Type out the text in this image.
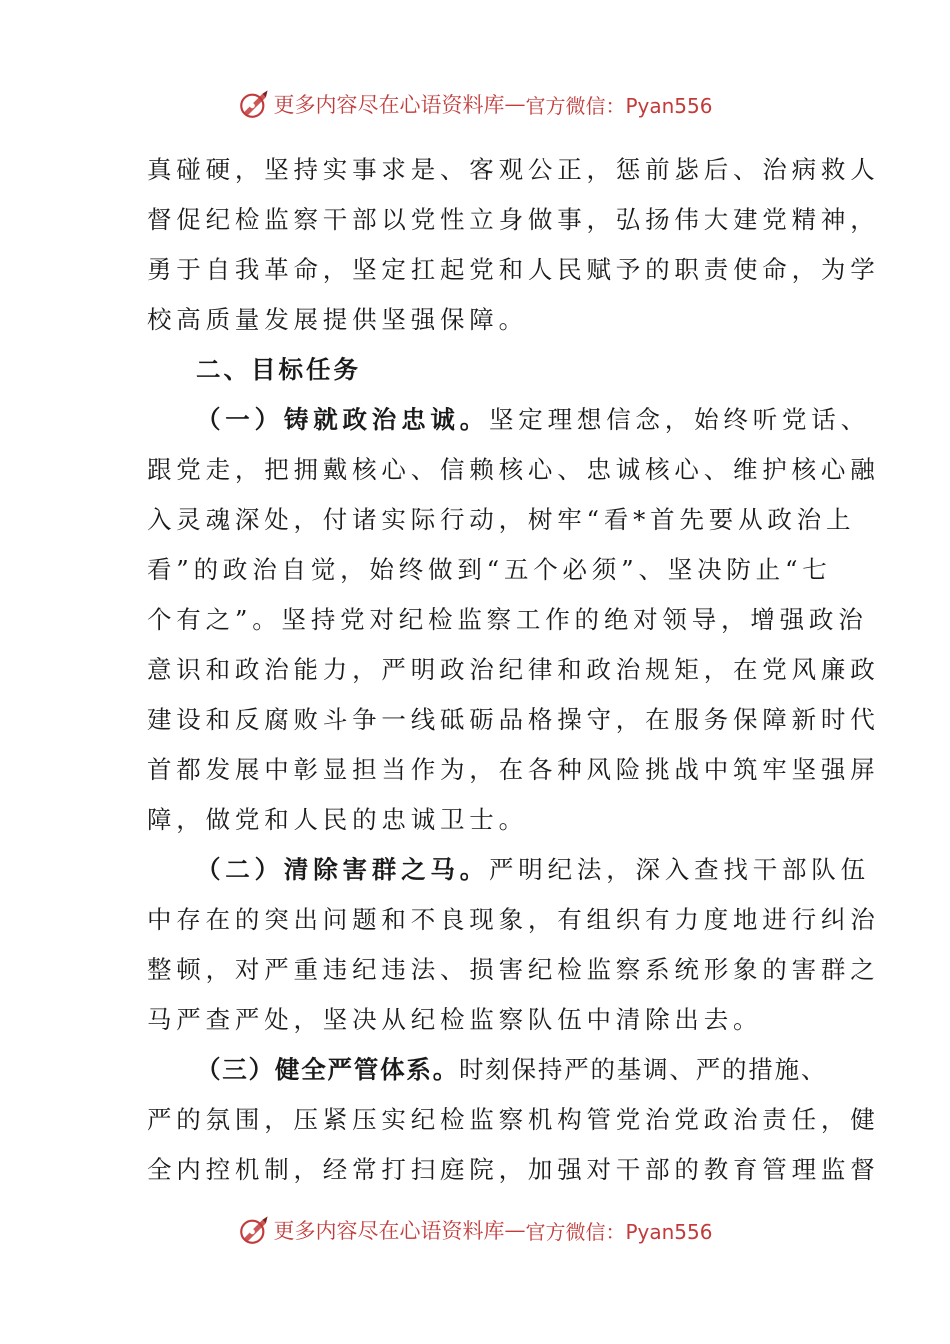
更多内容尽在心语资料库 — 官方微信：Pyan556
真碰硬，坚持实事求是、客观公正，惩前毖后、治病救人
督促纪检监察干部以党性立身做事，弘扬伟大建党精神，
勇于自我革命，坚定扛起党和人民赋予的职责使命，为学
校高质量发展提供坚强保障。
二、目标任务
（一）铸就政治忠诚。坚定理想信念，始终听党话、
跟党走，把拥戴核心、信赖核心、忠诚核心、维护核心融
入灵魂深处，付诸实际行动，树牢“看*首先要从政治上
看”的政治自觉，始终做到“五个必须”、坚决防止“七
个有之”。坚持党对纪检监察工作的绝对领导，增强政治
意识和政治能力，严明政治纪律和政治规矩，在党风廉政
建设和反腐败斗争一线砥砺品格操守，在服务保障新时代
首都发展中彰显担当作为，在各种风险挑战中筑牢坚强屏
障，做党和人民的忠诚卫士。
（二）清除害群之马。严明纪法，深入查找干部队伍
中存在的突出问题和不良现象，有组织有力度地进行纠治
整顿，对严重违纪违法、损害纪检监察系统形象的害群之
马严查严处，坚决从纪检监察队伍中清除出去。
（三）健全严管体系。时刻保持严的基调、严的措施、
严的氛围，压紧压实纪检监察机构管党治党政治责任，健
全内控机制，经常打扫庭院，加强对干部的教育管理监督
更多内容尽在心语资料库 — 官方微信：Pyan556
